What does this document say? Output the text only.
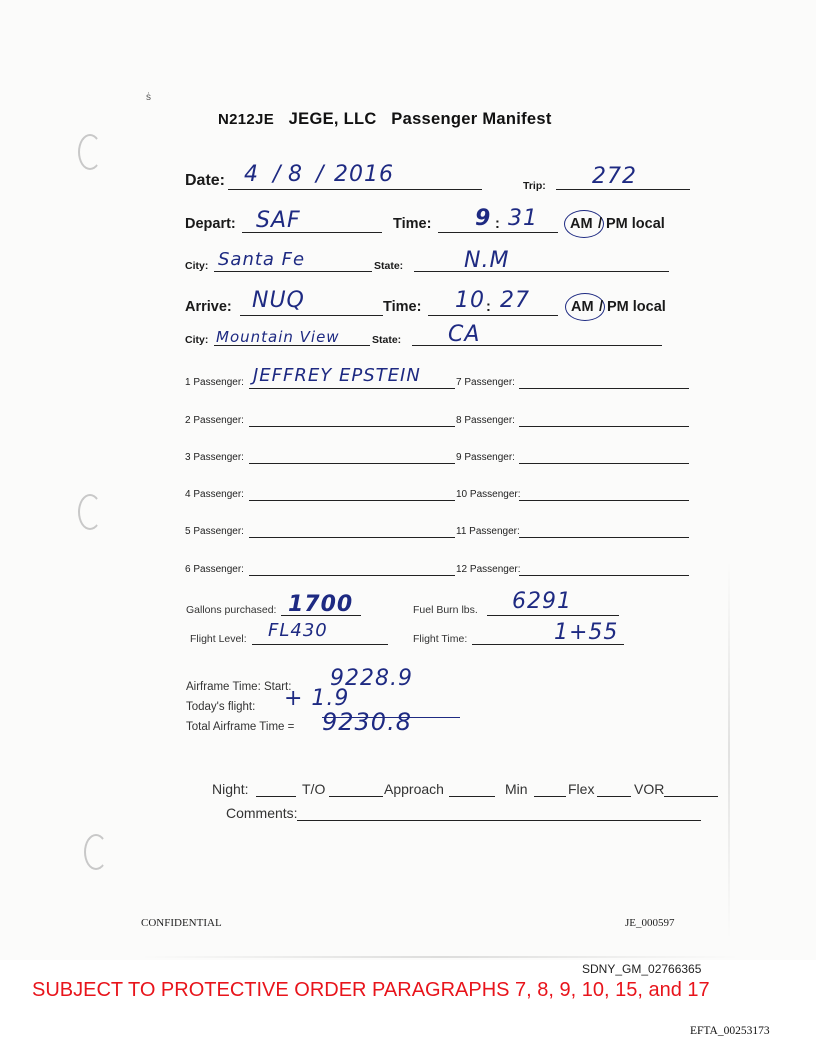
ṡ
N212JE JEGE, LLC Passenger Manifest
Date: 4 / 8 / 2016	Trip: 272
Depart: SAF	Time: 9 : 31 AM / PM local
City: Santa Fe	State:	N.M
Arrive: NUQ	Time: 10 : 27	AM / PM local
City: Mountain View	State: CA
1 Passenger: JEFFREY EPSTEIN
2 Passenger:
3 Passenger:
4 Passenger:
5 Passenger:
6 Passenger:
7 Passenger:
8 Passenger:
9 Passenger:
10 Passenger:
11 Passenger:
12 Passenger:
Gallons purchased: 1700	Fuel Burn lbs. 6291
Flight Level: FL430	Flight Time:	1+55
Airframe Time: Start: 9228.9
Today's flight: + 1.9
Total Airframe Time = 9230.8
Night:	T/O	Approach	Min	Flex	VOR
Comments:
CONFIDENTIAL	JE_000597
SDNY_GM_02766365
SUBJECT TO PROTECTIVE ORDER PARAGRAPHS 7, 8, 9, 10, 15, and 17
EFTA_00253173
